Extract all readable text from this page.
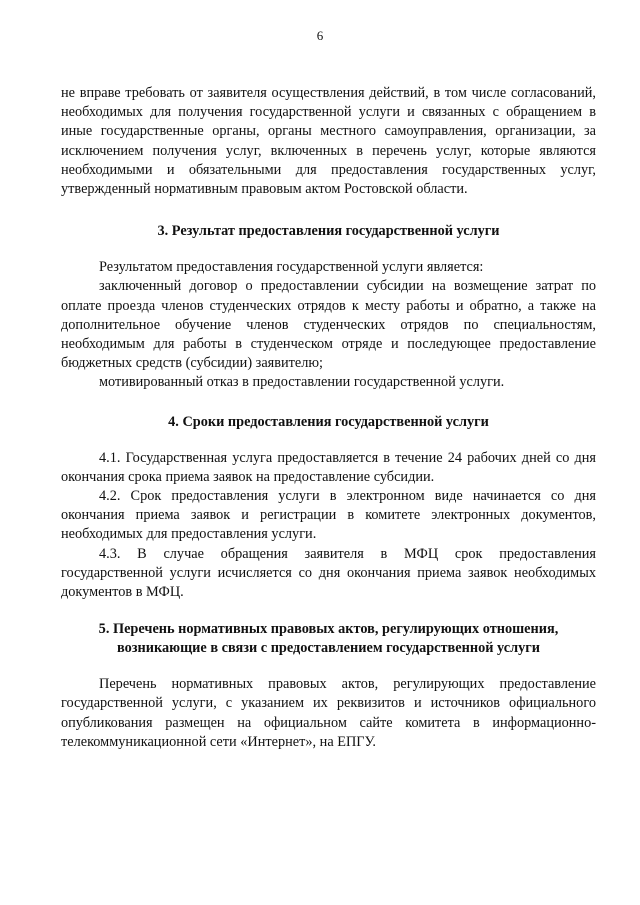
6

не вправе требовать от заявителя осуществления действий, в том числе согласований, необходимых для получения государственной услуги и связанных с обращением в иные государственные органы, органы местного самоуправления, организации, за исключением получения услуг, включенных в перечень услуг, которые являются необходимыми и обязательными для предоставления государственных услуг, утвержденный нормативным правовым актом Ростовской области.

3. Результат предоставления государственной услуги

Результатом предоставления государственной услуги является:

заключенный договор о предоставлении субсидии на возмещение затрат по оплате проезда членов студенческих отрядов к месту работы и обратно, а также на дополнительное обучение членов студенческих отрядов по специальностям, необходимым для работы в студенческом отряде и последующее предоставление бюджетных средств (субсидии) заявителю;

мотивированный отказ в предоставлении государственной услуги.

4. Сроки предоставления государственной услуги

4.1. Государственная услуга предоставляется в течение 24 рабочих дней со дня окончания срока приема заявок на предоставление субсидии.

4.2. Срок предоставления услуги в электронном виде начинается со дня окончания приема заявок и регистрации в комитете электронных документов, необходимых для предоставления услуги.

4.3. В случае обращения заявителя в МФЦ срок предоставления государственной услуги исчисляется со дня окончания приема заявок необходимых документов в МФЦ.

5. Перечень нормативных правовых актов, регулирующих отношения,
возникающие в связи с предоставлением государственной услуги

Перечень нормативных правовых актов, регулирующих предоставление государственной услуги, с указанием их реквизитов и источников официального опубликования размещен на официальном сайте комитета в информационно-телекоммуникационной сети «Интернет», на ЕПГУ.
